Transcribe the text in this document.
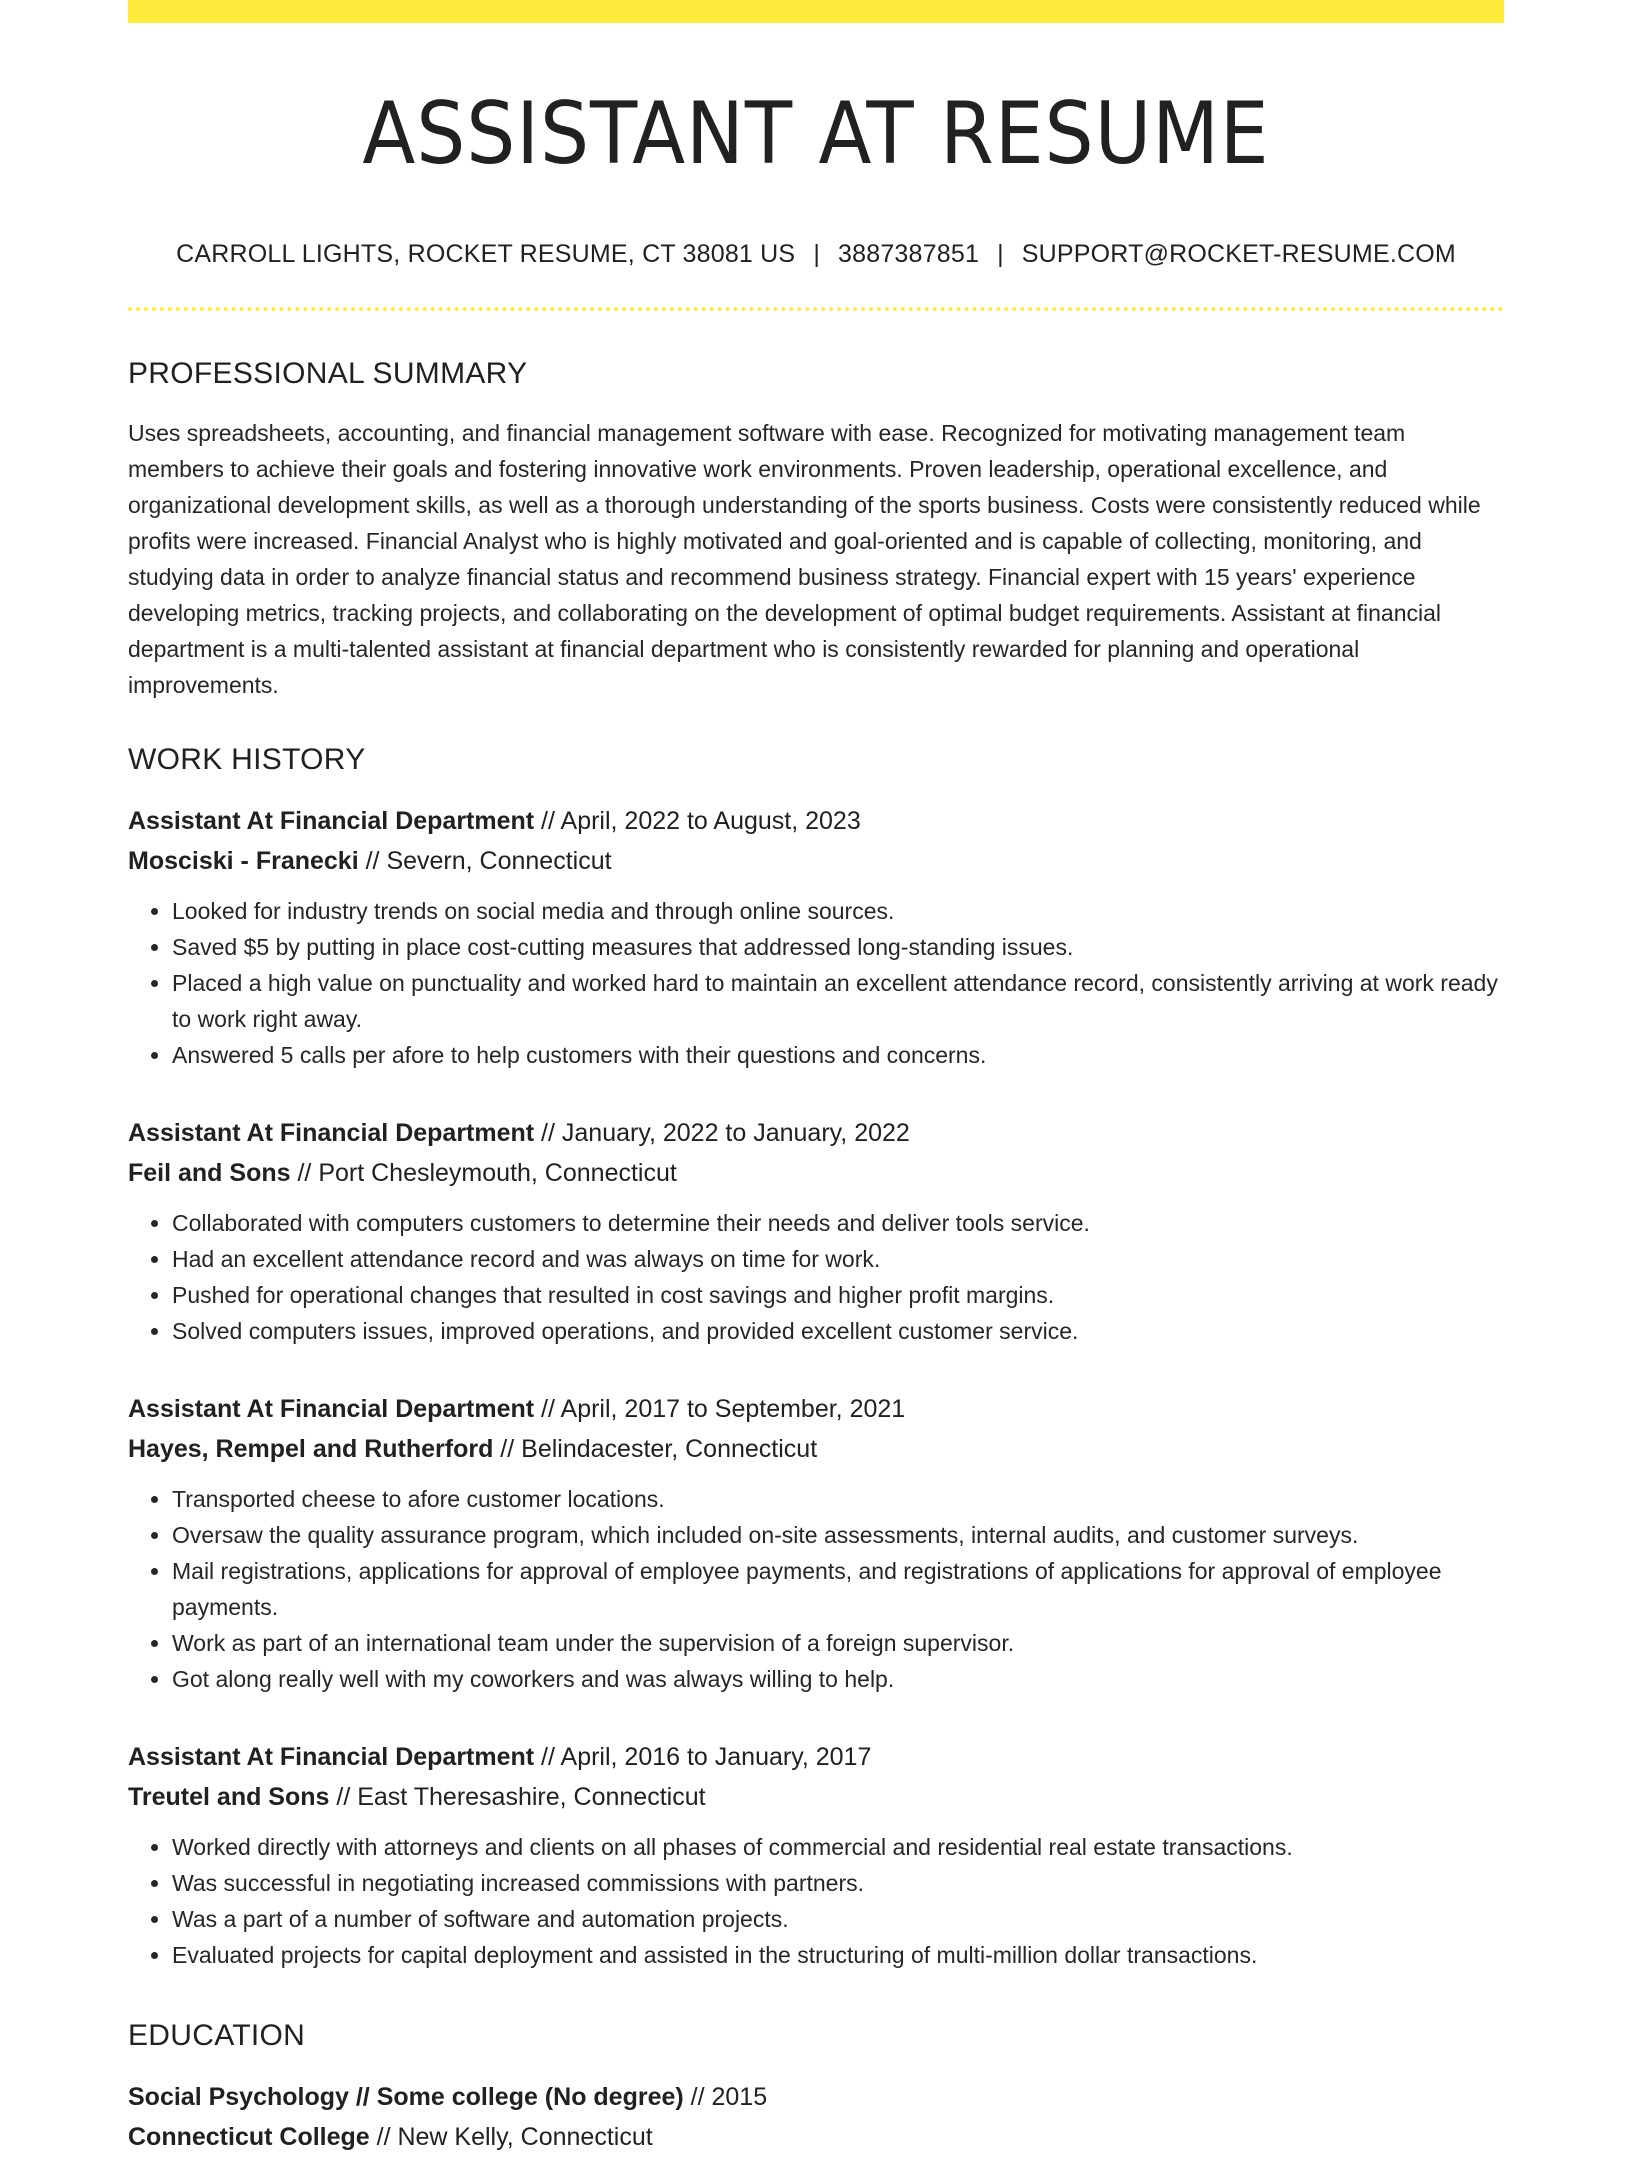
ASSISTANT AT RESUME
CARROLL LIGHTS, ROCKET RESUME, CT 38081 US | 3887387851 | SUPPORT@ROCKET-RESUME.COM
PROFESSIONAL SUMMARY

Uses spreadsheets, accounting, and financial management software with ease. Recognized for motivating management team members to achieve their goals and fostering innovative work environments. Proven leadership, operational excellence, and organizational development skills, as well as a thorough understanding of the sports business. Costs were consistently reduced while profits were increased. Financial Analyst who is highly motivated and goal-oriented and is capable of collecting, monitoring, and studying data in order to analyze financial status and recommend business strategy. Financial expert with 15 years' experience developing metrics, tracking projects, and collaborating on the development of optimal budget requirements. Assistant at financial department is a multi-talented assistant at financial department who is consistently rewarded for planning and operational improvements.

WORK HISTORY
Assistant At Financial Department // April, 2022 to August, 2023
Mosciski - Franecki // Severn, Connecticut
• Looked for industry trends on social media and through online sources.
• Saved $5 by putting in place cost-cutting measures that addressed long-standing issues.
• Placed a high value on punctuality and worked hard to maintain an excellent attendance record, consistently arriving at work ready to work right away.
• Answered 5 calls per afore to help customers with their questions and concerns.
Assistant At Financial Department // January, 2022 to January, 2022
Feil and Sons // Port Chesleymouth, Connecticut
• Collaborated with computers customers to determine their needs and deliver tools service.
• Had an excellent attendance record and was always on time for work.
• Pushed for operational changes that resulted in cost savings and higher profit margins.
• Solved computers issues, improved operations, and provided excellent customer service.
Assistant At Financial Department // April, 2017 to September, 2021
Hayes, Rempel and Rutherford // Belindacester, Connecticut
• Transported cheese to afore customer locations.
• Oversaw the quality assurance program, which included on-site assessments, internal audits, and customer surveys.
• Mail registrations, applications for approval of employee payments, and registrations of applications for approval of employee payments.
• Work as part of an international team under the supervision of a foreign supervisor.
• Got along really well with my coworkers and was always willing to help.
Assistant At Financial Department // April, 2016 to January, 2017
Treutel and Sons // East Theresashire, Connecticut
• Worked directly with attorneys and clients on all phases of commercial and residential real estate transactions.
• Was successful in negotiating increased commissions with partners.
• Was a part of a number of software and automation projects.
• Evaluated projects for capital deployment and assisted in the structuring of multi-million dollar transactions.
EDUCATION
Social Psychology // Some college (No degree) // 2015
Connecticut College // New Kelly, Connecticut
